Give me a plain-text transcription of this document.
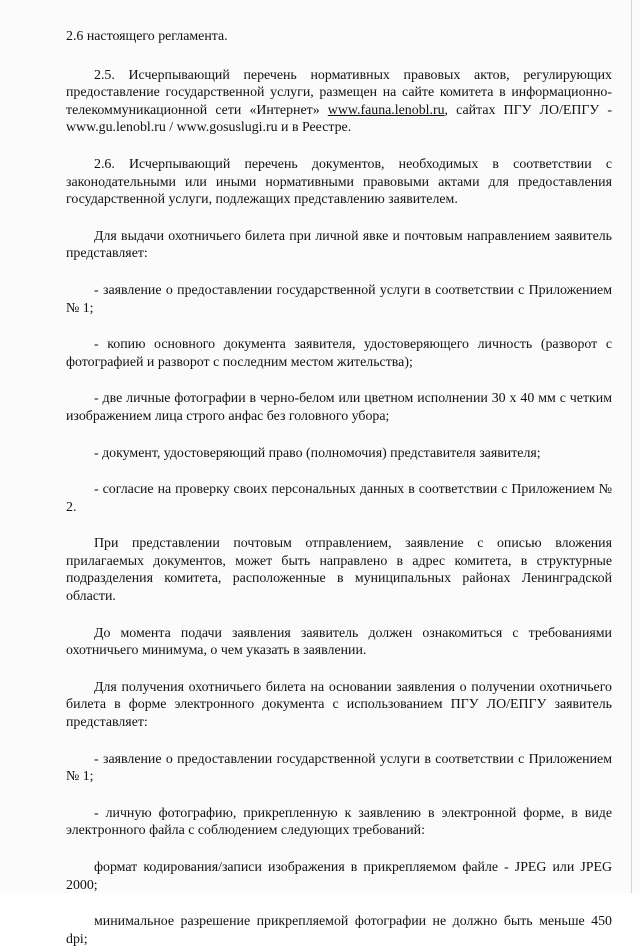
2.6 настоящего регламента.

2.5. Исчерпывающий перечень нормативных правовых актов, регулирующих предоставление государственной услуги, размещен на сайте комитета в информационно-телекоммуникационной сети «Интернет» www.fauna.lenobl.ru, сайтах ПГУ ЛО/ЕПГУ - www.gu.lenobl.ru / www.gosuslugi.ru и в Реестре.

2.6. Исчерпывающий перечень документов, необходимых в соответствии с законодательными или иными нормативными правовыми актами для предоставления государственной услуги, подлежащих представлению заявителем.

Для выдачи охотничьего билета при личной явке и почтовым направлением заявитель представляет:

- заявление о предоставлении государственной услуги в соответствии с Приложением № 1;

- копию основного документа заявителя, удостоверяющего личность (разворот с фотографией и разворот с последним местом жительства);

- две личные фотографии в черно-белом или цветном исполнении 30 х 40 мм с четким изображением лица строго анфас без головного убора;

- документ, удостоверяющий право (полномочия) представителя заявителя;

- согласие на проверку своих персональных данных в соответствии с Приложением № 2.

При представлении почтовым отправлением, заявление с описью вложения прилагаемых документов, может быть направлено в адрес комитета, в структурные подразделения комитета, расположенные в муниципальных районах Ленинградской области.

До момента подачи заявления заявитель должен ознакомиться с требованиями охотничьего минимума, о чем указать в заявлении.

Для получения охотничьего билета на основании заявления о получении охотничьего билета в форме электронного документа с использованием ПГУ ЛО/ЕПГУ заявитель представляет:

- заявление о предоставлении государственной услуги в соответствии с Приложением № 1;

- личную фотографию, прикрепленную к заявлению в электронной форме, в виде электронного файла с соблюдением следующих требований:

формат кодирования/записи изображения в прикрепляемом файле - JPEG или JPEG 2000;

минимальное разрешение прикрепляемой фотографии не должно быть меньше 450 dpi;
